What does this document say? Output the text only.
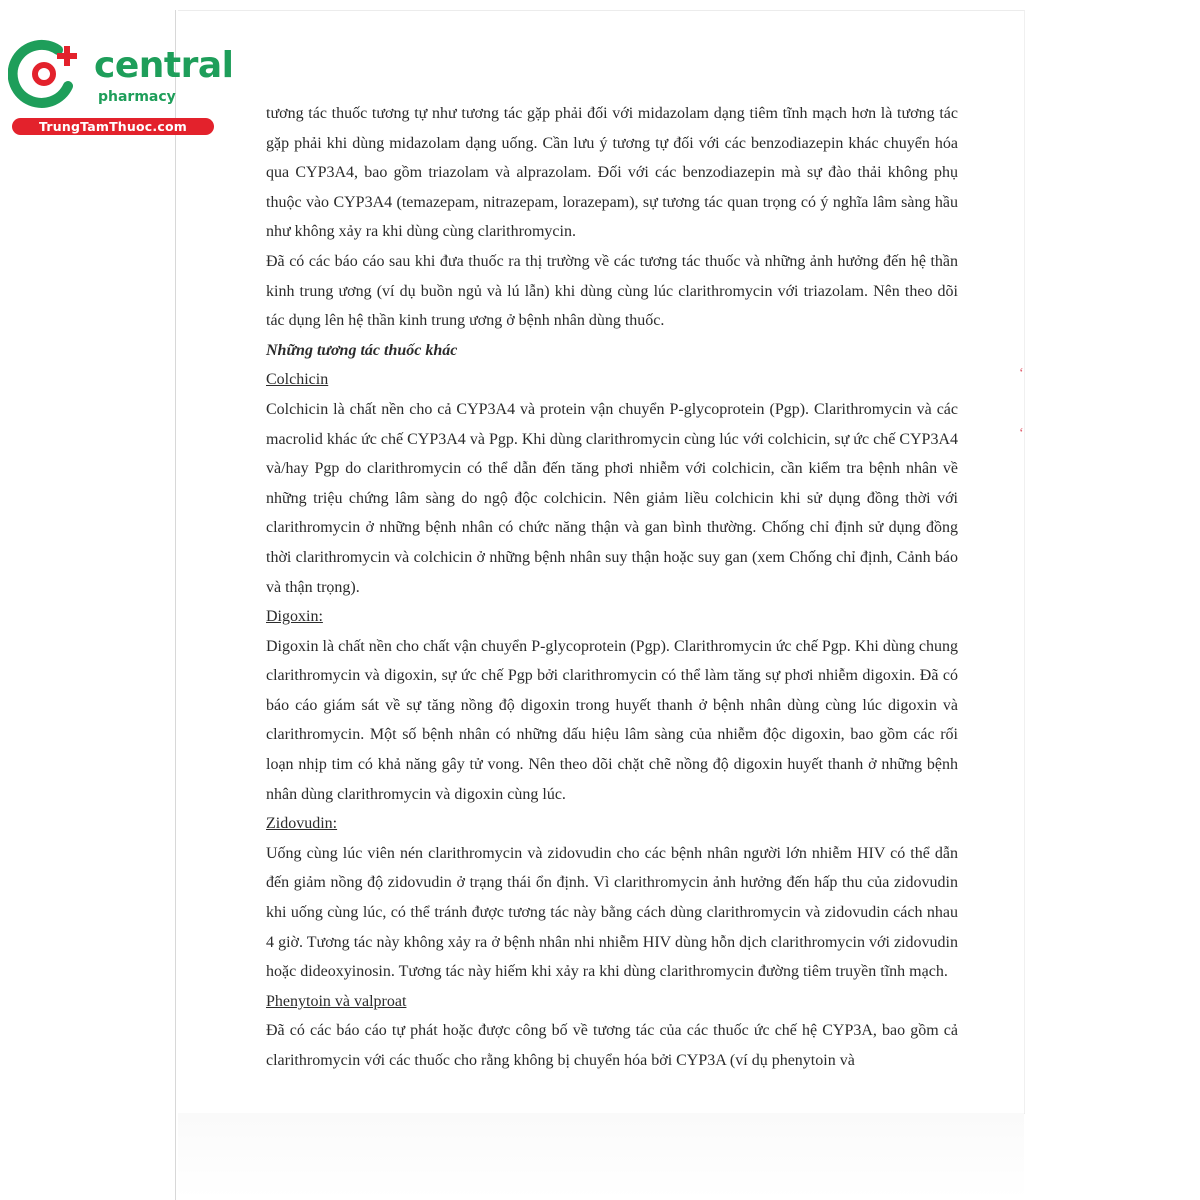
central
pharmacy
TrungTamThuoc.com

tương tác thuốc tương tự như tương tác gặp phải đối với midazolam dạng tiêm tĩnh mạch hơn là tương tác gặp phải khi dùng midazolam dạng uống. Cần lưu ý tương tự đối với các benzodiazepin khác chuyển hóa qua CYP3A4, bao gồm triazolam và alprazolam. Đối với các benzodiazepin mà sự đào thải không phụ thuộc vào CYP3A4 (temazepam, nitrazepam, lorazepam), sự tương tác quan trọng có ý nghĩa lâm sàng hầu như không xảy ra khi dùng cùng clarithromycin.

Đã có các báo cáo sau khi đưa thuốc ra thị trường về các tương tác thuốc và những ảnh hưởng đến hệ thần kinh trung ương (ví dụ buồn ngủ và lú lẫn) khi dùng cùng lúc clarithromycin với triazolam. Nên theo dõi tác dụng lên hệ thần kinh trung ương ở bệnh nhân dùng thuốc.

Những tương tác thuốc khác

Colchicin

Colchicin là chất nền cho cả CYP3A4 và protein vận chuyển P-glycoprotein (Pgp). Clarithromycin và các macrolid khác ức chế CYP3A4 và Pgp. Khi dùng clarithromycin cùng lúc với colchicin, sự ức chế CYP3A4 và/hay Pgp do clarithromycin có thể dẫn đến tăng phơi nhiễm với colchicin, cần kiểm tra bệnh nhân về những triệu chứng lâm sàng do ngộ độc colchicin. Nên giảm liều colchicin khi sử dụng đồng thời với clarithromycin ở những bệnh nhân có chức năng thận và gan bình thường. Chống chỉ định sử dụng đồng thời clarithromycin và colchicin ở những bệnh nhân suy thận hoặc suy gan (xem Chống chỉ định, Cảnh báo và thận trọng).

Digoxin:

Digoxin là chất nền cho chất vận chuyển P-glycoprotein (Pgp). Clarithromycin ức chế Pgp. Khi dùng chung clarithromycin và digoxin, sự ức chế Pgp bởi clarithromycin có thể làm tăng sự phơi nhiễm digoxin. Đã có báo cáo giám sát về sự tăng nồng độ digoxin trong huyết thanh ở bệnh nhân dùng cùng lúc digoxin và clarithromycin. Một số bệnh nhân có những dấu hiệu lâm sàng của nhiễm độc digoxin, bao gồm các rối loạn nhịp tim có khả năng gây tử vong. Nên theo dõi chặt chẽ nồng độ digoxin huyết thanh ở những bệnh nhân dùng clarithromycin và digoxin cùng lúc.

Zidovudin:

Uống cùng lúc viên nén clarithromycin và zidovudin cho các bệnh nhân người lớn nhiễm HIV có thể dẫn đến giảm nồng độ zidovudin ở trạng thái ổn định. Vì clarithromycin ảnh hưởng đến hấp thu của zidovudin khi uống cùng lúc, có thể tránh được tương tác này bằng cách dùng clarithromycin và zidovudin cách nhau 4 giờ. Tương tác này không xảy ra ở bệnh nhân nhi nhiễm HIV dùng hỗn dịch clarithromycin với zidovudin hoặc dideoxyinosin. Tương tác này hiếm khi xảy ra khi dùng clarithromycin đường tiêm truyền tĩnh mạch.

Phenytoin và valproat

Đã có các báo cáo tự phát hoặc được công bố về tương tác của các thuốc ức chế hệ CYP3A, bao gồm cả clarithromycin với các thuốc cho rằng không bị chuyển hóa bởi CYP3A (ví dụ phenytoin và

ʻ
ʻ
